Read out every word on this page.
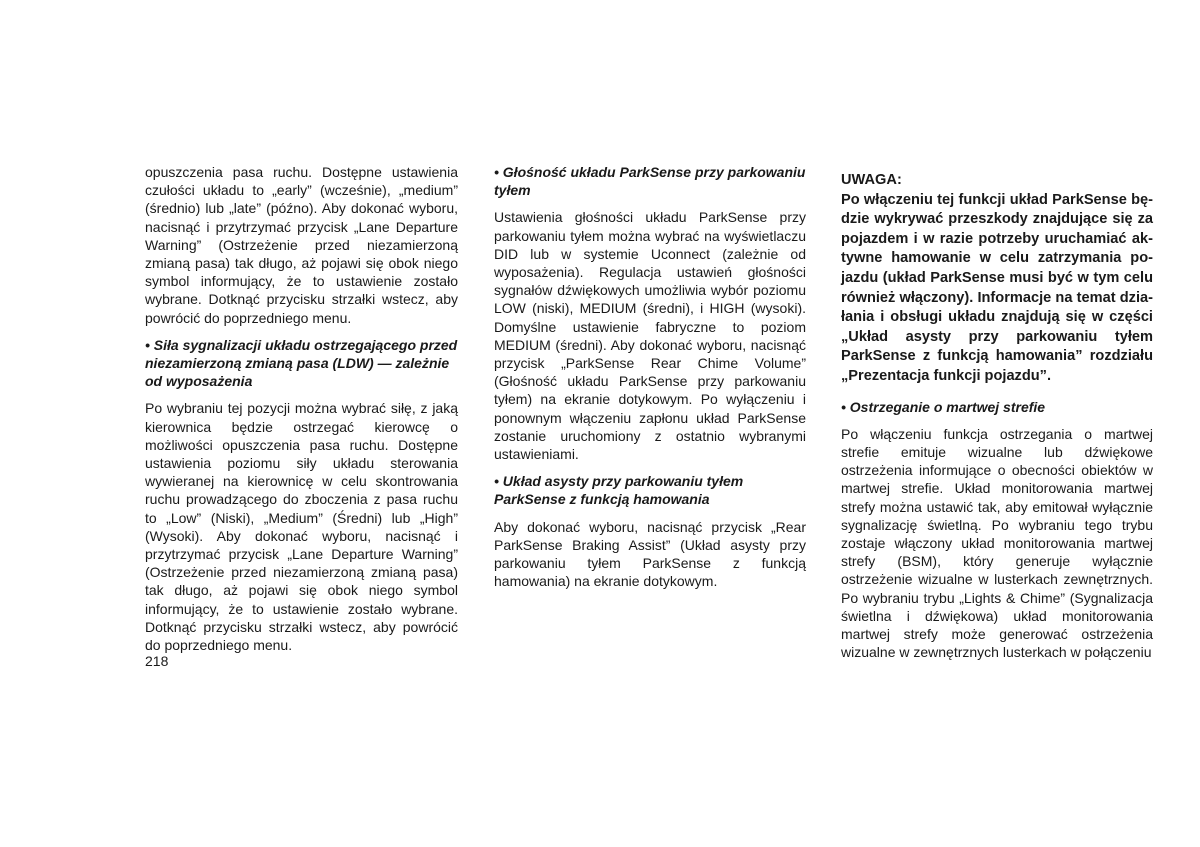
opuszczenia pasa ruchu. Dostępne ustawienia czułości układu to „early” (wcześnie), „medium” (średnio) lub „late” (późno). Aby dokonać wyboru, nacisnąć i przytrzymać przycisk „Lane Departure Warning” (Ostrzeżenie przed niezamierzoną zmianą pasa) tak długo, aż pojawi się obok niego symbol informujący, że to ustawienie zostało wybrane. Dotknąć przycisku strzałki wstecz, aby powrócić do poprzedniego menu.

• Siła sygnalizacji układu ostrzegającego przed niezamierzoną zmianą pasa (LDW) — zależnie od wyposażenia

Po wybraniu tej pozycji można wybrać siłę, z jaką kierownica będzie ostrzegać kierowcę o możliwości opuszczenia pasa ruchu. Dostępne ustawienia poziomu siły układu sterowania wywieranej na kierownicę w celu skontrowania ruchu prowadzącego do zboczenia z pasa ruchu to „Low” (Niski), „Medium” (Średni) lub „High” (Wysoki). Aby dokonać wyboru, nacisnąć i przytrzymać przycisk „Lane Departure Warning” (Ostrzeżenie przed niezamierzoną zmianą pasa) tak długo, aż pojawi się obok niego symbol informujący, że to ustawienie zostało wybrane. Dotknąć przycisku strzałki wstecz, aby powrócić do poprzedniego menu.

• Głośność układu ParkSense przy parkowaniu tyłem

Ustawienia głośności układu ParkSense przy parkowaniu tyłem można wybrać na wyświetlaczu DID lub w systemie Uconnect (zależnie od wyposażenia). Regulacja ustawień głośności sygnałów dźwiękowych umożliwia wybór poziomu LOW (niski), MEDIUM (średni), i HIGH (wysoki). Domyślne ustawienie fabryczne to poziom MEDIUM (średni). Aby dokonać wyboru, nacisnąć przycisk „ParkSense Rear Chime Volume” (Głośność układu ParkSense przy parkowaniu tyłem) na ekranie dotykowym. Po wyłączeniu i ponownym włączeniu zapłonu układ ParkSense zostanie uruchomiony z ostatnio wybranymi ustawieniami.

• Układ asysty przy parkowaniu tyłem ParkSense z funkcją hamowania

Aby dokonać wyboru, nacisnąć przycisk „Rear ParkSense Braking Assist” (Układ asysty przy parkowaniu tyłem ParkSense z funkcją hamowania) na ekranie dotykowym.

UWAGA:

Po włączeniu tej funkcji układ ParkSense będzie wykrywać przeszkody znajdujące się za pojazdem i w razie potrzeby uruchamiać aktywne hamowanie w celu zatrzymania pojazdu (układ ParkSense musi być w tym celu również włączony). Informacje na temat działania i obsługi układu znajdują się w części „Układ asysty przy parkowaniu tyłem ParkSense z funkcją hamowania” rozdziału „Prezentacja funkcji pojazdu”.

• Ostrzeganie o martwej strefie

Po włączeniu funkcja ostrzegania o martwej strefie emituje wizualne lub dźwiękowe ostrzeżenia informujące o obecności obiektów w martwej strefie. Układ monitorowania martwej strefy można ustawić tak, aby emitował wyłącznie sygnalizację świetlną. Po wybraniu tego trybu zostaje włączony układ monitorowania martwej strefy (BSM), który generuje wyłącznie ostrzeżenie wizualne w lusterkach zewnętrznych. Po wybraniu trybu „Lights & Chime” (Sygnalizacja świetlna i dźwiękowa) układ monitorowania martwej strefy może generować ostrzeżenia wizualne w zewnętrznych lusterkach w połączeniu

218
